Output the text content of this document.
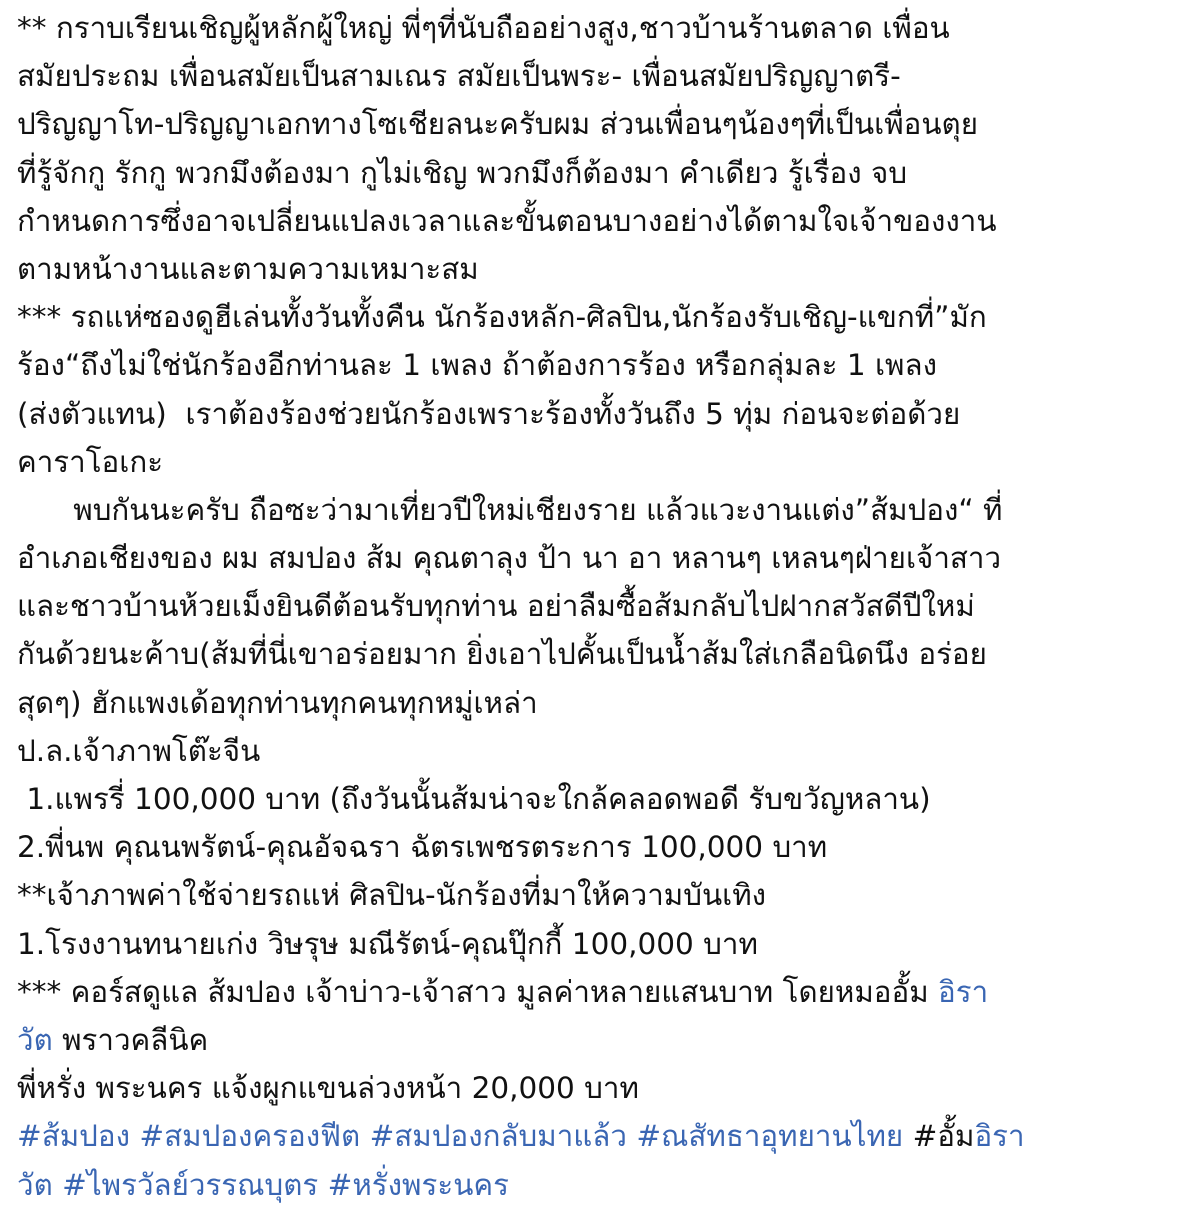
** กราบเรียนเชิญผู้หลักผู้ใหญ่ พี่ๆที่นับถืออย่างสูง,ชาวบ้านร้านตลาด เพื่อน
สมัยประถม เพื่อนสมัยเป็นสามเณร สมัยเป็นพระ- เพื่อนสมัยปริญญาตรี-
ปริญญาโท-ปริญญาเอกทางโซเชียลนะครับผม ส่วนเพื่อนๆน้องๆที่เป็นเพื่อนตุย
ที่รู้จักกู รักกู พวกมึงต้องมา กูไม่เชิญ พวกมึงก็ต้องมา คำเดียว รู้เรื่อง จบ
กำหนดการซึ่งอาจเปลี่ยนแปลงเวลาและขั้นตอนบางอย่างได้ตามใจเจ้าของงาน
ตามหน้างานและตามความเหมาะสม
*** รถแห่ซองดูฮีเล่นทั้งวันทั้งคืน นักร้องหลัก-ศิลปิน,นักร้องรับเชิญ-แขกที่”มัก
ร้อง“ถึงไม่ใช่นักร้องอีกท่านละ 1 เพลง ถ้าต้องการร้อง หรือกลุ่มละ 1 เพลง
(ส่งตัวแทน)  เราต้องร้องช่วยนักร้องเพราะร้องทั้งวันถึง 5 ทุ่ม ก่อนจะต่อด้วย
คาราโอเกะ
พบกันนะครับ ถือซะว่ามาเที่ยวปีใหม่เชียงราย แล้วแวะงานแต่ง”ส้มปอง“ ที่
อำเภอเชียงของ ผม สมปอง ส้ม คุณตาลุง ป้า นา อา หลานๆ เหลนๆฝ่ายเจ้าสาว
และชาวบ้านห้วยเม็งยินดีต้อนรับทุกท่าน อย่าลืมซื้อส้มกลับไปฝากสวัสดีปีใหม่
กันด้วยนะค้าบ(ส้มที่นี่เขาอร่อยมาก ยิ่งเอาไปคั้นเป็นน้ำส้มใส่เกลือนิดนึง อร่อย
สุดๆ) ฮักแพงเด้อทุกท่านทุกคนทุกหมู่เหล่า
ป.ล.เจ้าภาพโต๊ะจีน
1.แพรรี่ 100,000 บาท (ถึงวันนั้นส้มน่าจะใกล้คลอดพอดี รับขวัญหลาน)
2.พี่นพ คุณนพรัตน์-คุณอัจฉรา ฉัตรเพชรตระการ 100,000 บาท
**เจ้าภาพค่าใช้จ่ายรถแห่ ศิลปิน-นักร้องที่มาให้ความบันเทิง
1.โรงงานทนายเก่ง วิษรุษ มณีรัตน์-คุณปุ๊กกี้ 100,000 บาท
*** คอร์สดูแล ส้มปอง เจ้าบ่าว-เจ้าสาว มูลค่าหลายแสนบาท โดยหมออั้ม อิรา
วัต พราวคลีนิค
พี่หรั่ง พระนคร แจ้งผูกแขนล่วงหน้า 20,000 บาท
#ส้มปอง #สมปองครองฟีต #สมปองกลับมาแล้ว #ณสัทธาอุทยานไทย #อั้มอิรา
วัต #ไพรวัลย์วรรณบุตร #หรั่งพระนคร
